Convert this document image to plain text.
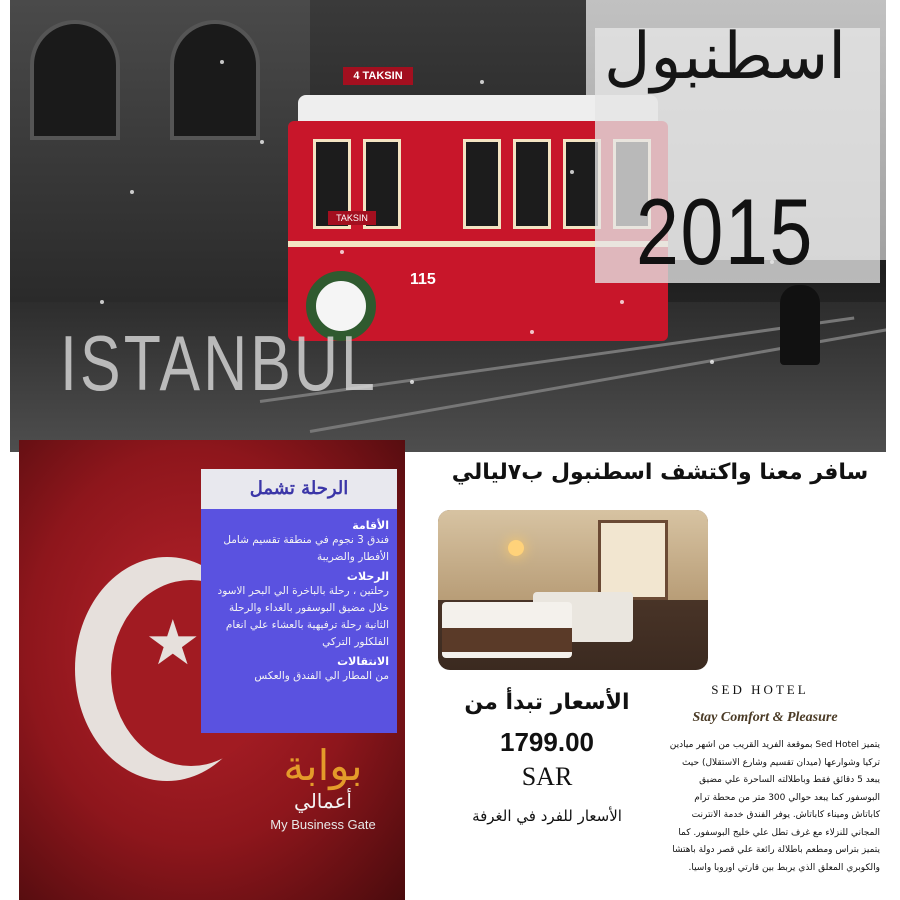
4 TAKSIN
TAKSIN
115
ISTANBUL
اسطنبول
2015
★
الرحلة تشمل
الأقامة
فندق 3 نجوم في منطقة تقسيم شامل الأفطار والضريبة
الرحلات
رحلتين ، رحلة بالباخرة الي البحر الاسود خلال مضيق البوسفور بالغداء والرحلة الثانية رحلة ترفيهية بالعشاء علي انغام الفلكلور التركي
الانتقالات
من المطار الي الفندق والعكس
بوابة
أعمالي
My Business Gate
سافر معنا واكتشف اسطنبول ب٧ليالي
الأسعار تبدأ من
1799.00
SAR
الأسعار للفرد في الغرفة
SED HOTEL
Stay Comfort & Pleasure
يتميز Sed Hotel بموقعة الفريد القريب من اشهر ميادين تركيا وشوارعها (ميدان تقسيم وشارع الاستقلال) حيث يبعد 5 دقائق فقط وباطلالته الساحرة علي مضيق البوسفور كما يبعد حوالي 300 متر من محطة ترام كاباتاش وميناء كاباتاش. يوفر الفندق خدمة الانترنت المجاني للنزلاء مع غرف تطل علي خليج البوسفور. كما يتميز بتراس ومطعم باطلالة رائعة علي قصر دولة باهتشا والكوبري المعلق الذي يربط بين قارتي اوروبا واسيا.
